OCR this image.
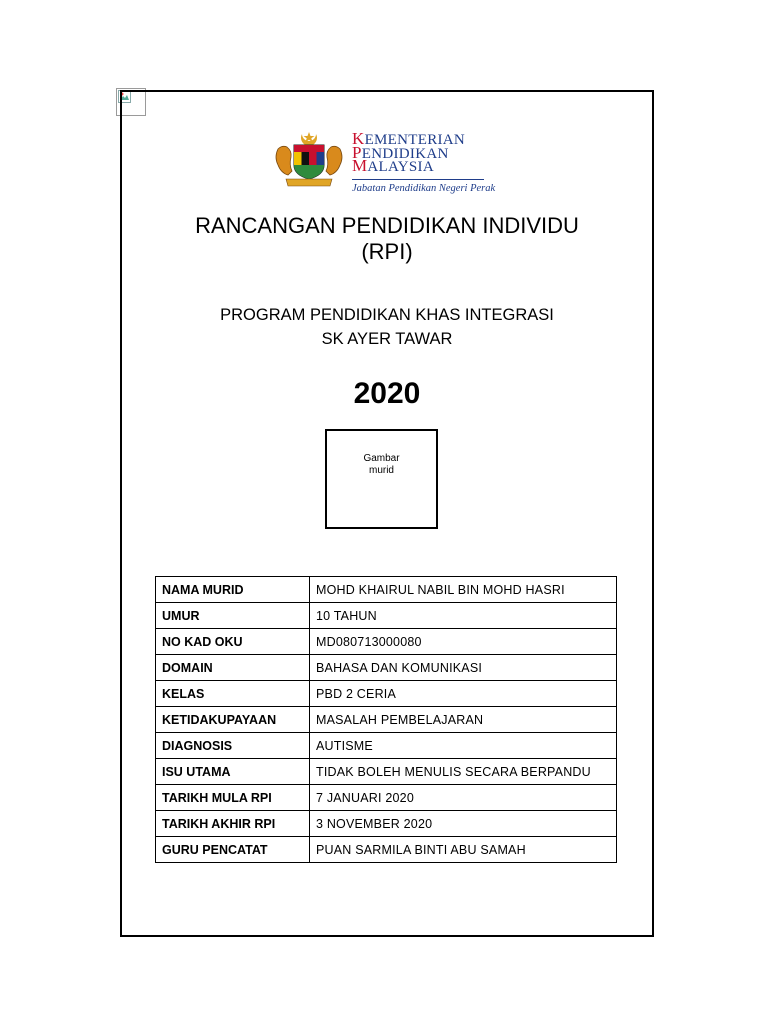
KEMENTERIAN
PENDIDIKAN
MALAYSIA
Jabatan Pendidikan Negeri Perak
RANCANGAN PENDIDIKAN INDIVIDU
(RPI)
PROGRAM PENDIDIKAN KHAS INTEGRASI
SK AYER TAWAR
2020
Gambar
murid
NAMA MURID	MOHD KHAIRUL NABIL BIN MOHD HASRI
UMUR	10 TAHUN
NO KAD OKU	MD080713000080
DOMAIN	BAHASA DAN KOMUNIKASI
KELAS	PBD 2 CERIA
KETIDAKUPAYAAN	MASALAH PEMBELAJARAN
DIAGNOSIS	AUTISME
ISU UTAMA	TIDAK BOLEH MENULIS SECARA BERPANDU
TARIKH MULA RPI	7 JANUARI 2020
TARIKH AKHIR RPI	3 NOVEMBER 2020
GURU PENCATAT	PUAN SARMILA BINTI ABU SAMAH
